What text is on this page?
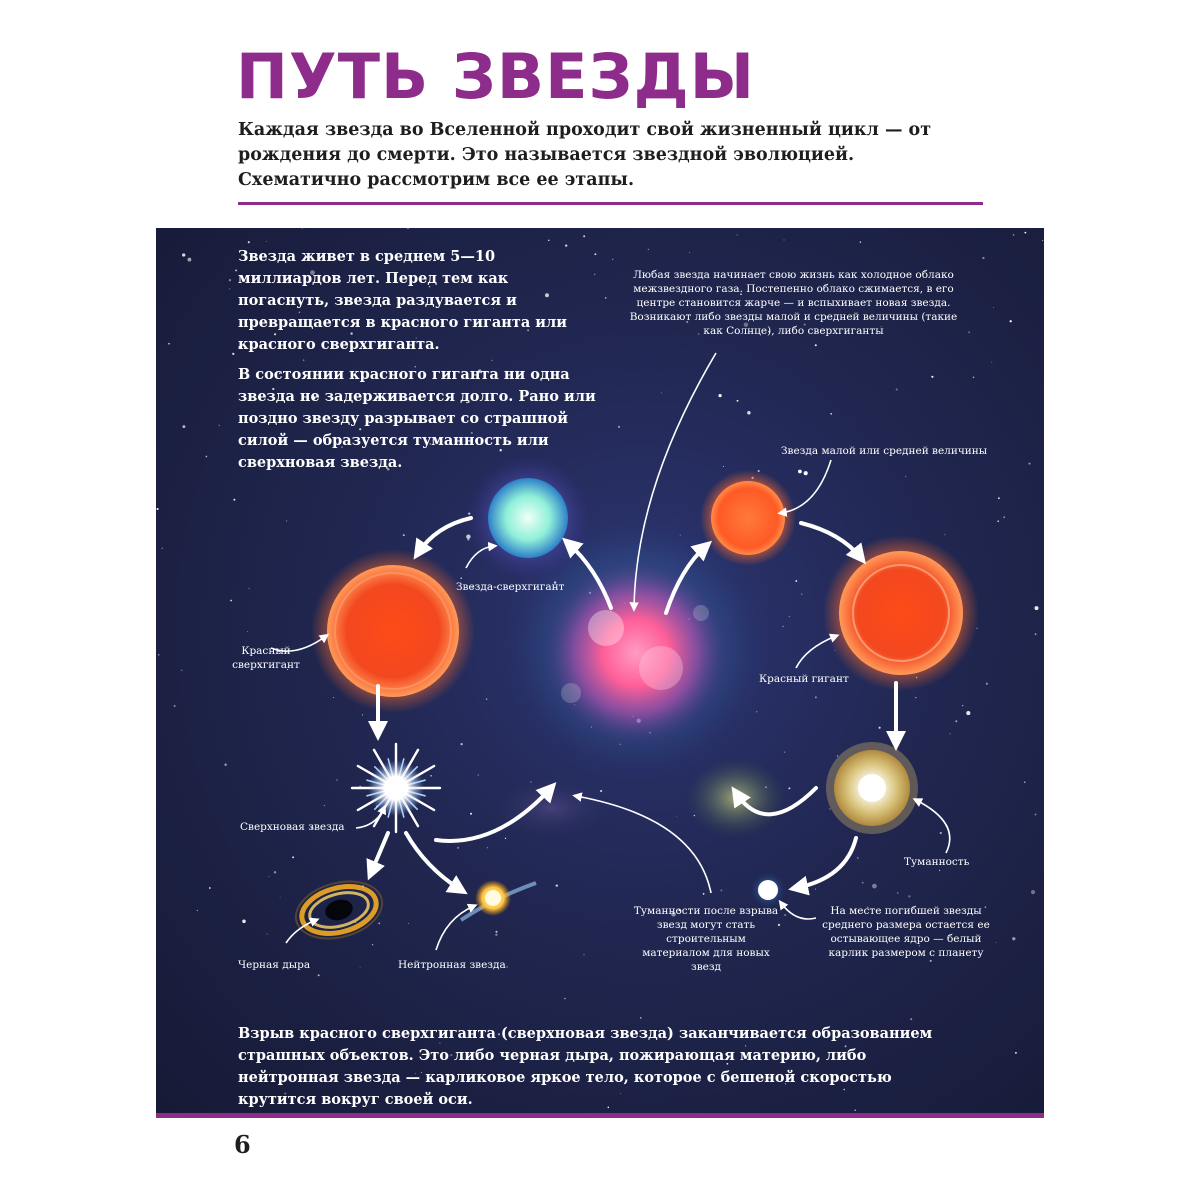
ПУТЬ ЗВЕЗДЫ

Каждая звезда во Вселенной проходит свой жизненный цикл — от рождения до смерти. Это называется звездной эволюцией. Схематично рассмотрим все ее этапы.

Звезда живет в среднем 5—10 миллиардов лет. Перед тем как погаснуть, звезда раздувается и превращается в красного гиганта или красного сверхгиганта.

В состоянии красного гиганта ни одна звезда не задерживается долго. Рано или поздно звезду разрывает со страшной силой — образуется туманность или сверхновая звезда.

Любая звезда начинает свою жизнь как холодное облако межзвездного газа. Постепенно облако сжимается, в его центре становится жарче — и вспыхивает новая звезда. Возникают либо звезды малой и средней величины (такие как Солнце), либо сверхгиганты

Звезда-сверхгигант

Красный сверхгигант

Сверхновая звезда

Черная дыра	Нейтронная звезда

Туманности после взрыва звезд могут стать строительным материалом для новых звезд

Звезда малой или средней величины

Красный гигант

Туманность

На месте погибшей звезды среднего размера остается ее остывающее ядро — белый карлик размером с планету

Взрыв красного сверхгиганта (сверхновая звезда) заканчивается образованием страшных объектов. Это либо черная дыра, пожирающая материю, либо нейтронная звезда — карликовое яркое тело, которое с бешеной скоростью крутится вокруг своей оси.

6
